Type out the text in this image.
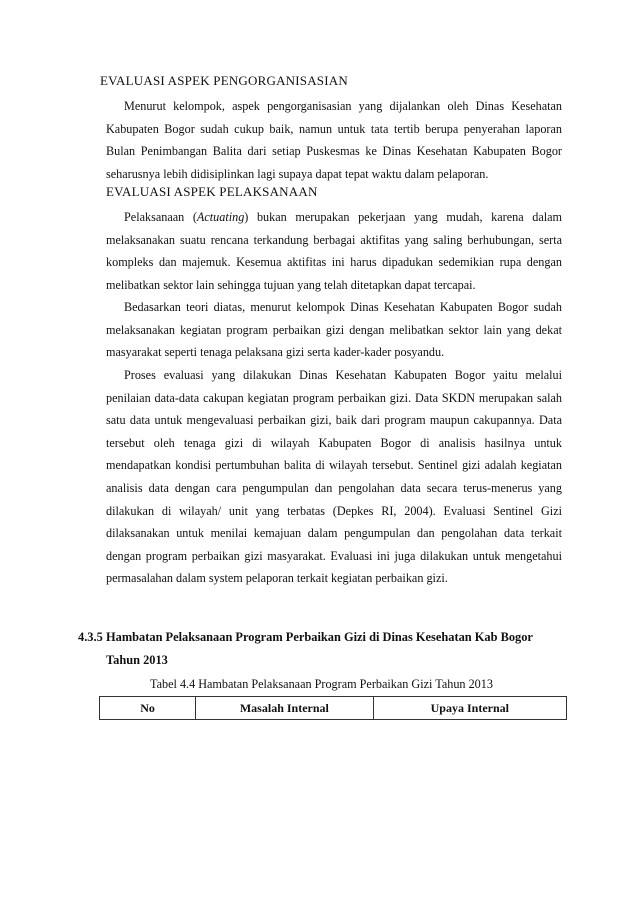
EVALUASI ASPEK PENGORGANISASIAN

Menurut kelompok, aspek pengorganisasian yang dijalankan oleh Dinas Kesehatan Kabupaten Bogor sudah cukup baik, namun untuk tata tertib berupa penyerahan laporan Bulan Penimbangan Balita dari setiap Puskesmas ke Dinas Kesehatan Kabupaten Bogor seharusnya lebih didisiplinkan lagi supaya dapat tepat waktu dalam pelaporan.

EVALUASI ASPEK PELAKSANAAN

Pelaksanaan (Actuating) bukan merupakan pekerjaan yang mudah, karena dalam melaksanakan suatu rencana terkandung berbagai aktifitas yang saling berhubungan, serta kompleks dan majemuk. Kesemua aktifitas ini harus dipadukan sedemikian rupa dengan melibatkan sektor lain sehingga tujuan yang telah ditetapkan dapat tercapai.

Bedasarkan teori diatas, menurut kelompok Dinas Kesehatan Kabupaten Bogor sudah melaksanakan kegiatan program perbaikan gizi dengan melibatkan sektor lain yang dekat masyarakat seperti tenaga pelaksana gizi serta kader-kader posyandu.

Proses evaluasi yang dilakukan Dinas Kesehatan Kabupaten Bogor yaitu melalui penilaian data-data cakupan kegiatan program perbaikan gizi. Data SKDN merupakan salah satu data untuk mengevaluasi perbaikan gizi, baik dari program maupun cakupannya. Data tersebut oleh tenaga gizi di wilayah Kabupaten Bogor di analisis hasilnya untuk mendapatkan kondisi pertumbuhan balita di wilayah tersebut. Sentinel gizi adalah kegiatan analisis data dengan cara pengumpulan dan pengolahan data secara terus-menerus yang dilakukan di wilayah/ unit yang terbatas (Depkes RI, 2004). Evaluasi Sentinel Gizi dilaksanakan untuk menilai kemajuan dalam pengumpulan dan pengolahan data terkait dengan program perbaikan gizi masyarakat. Evaluasi ini juga dilakukan untuk mengetahui permasalahan dalam system pelaporan terkait kegiatan perbaikan gizi.

4.3.5 Hambatan Pelaksanaan Program Perbaikan Gizi di Dinas Kesehatan Kab Bogor
Tahun 2013
Tabel 4.4 Hambatan Pelaksanaan Program Perbaikan Gizi Tahun 2013
No	Masalah Internal	Upaya Internal
